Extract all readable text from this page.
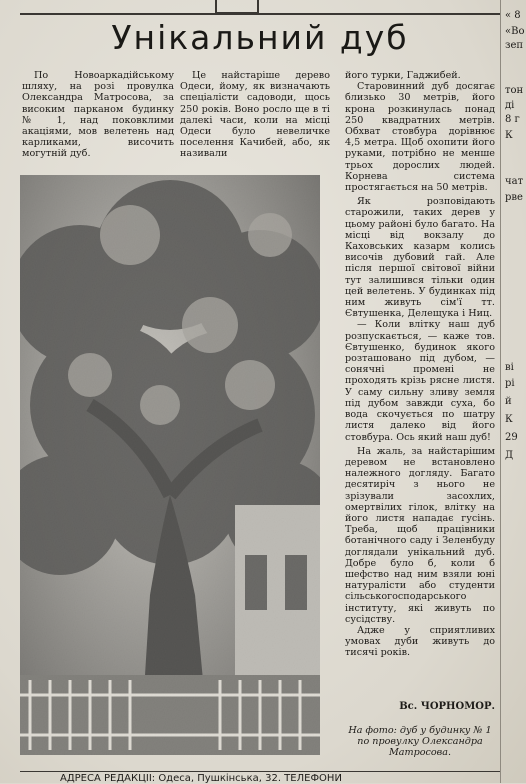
Унікальний дуб

По Новоаркадійському шляху, на розі провулка Олександра Матросова, за високим парканом будинку № 1, над поковклими акаціями, мов велетень над карликами, височить могутній дуб.

Це найстаріше дерево Одеси, йому, як визначають спеціалісти садоводи, щось 250 років. Воно росло ще в ті далекі часи, коли на місці Одеси було невеличке поселення Качибей, або, як називали

його турки, Гаджибей.

Старовинний дуб досягає близько 30 метрів, його крона розкинулась понад 250 квадратних метрів. Обхват стовбура дорівнює 4,5 метра. Щоб охопити його руками, потрібно не менше трьох дорослих людей. Корнева система простягається на 50 метрів.

Як розповідають старожили, таких дерев у цьому районі було багато. На місці від вокзалу до Каховських казарм колись височів дубовий гай. Але після першої світової війни тут залишився тільки один цей велетень. У будинках під ним живуть сім'ї тт. Євтушенка, Делещука і Ниц.

— Коли влітку наш дуб розпускається, — каже тов. Євтушенко, будинок якого розташовано під дубом, — сонячні промені не проходять крізь рясне листя. У саму сильну зливу земля під дубом завжди суха, бо вода скочується по шатру листя далеко від його стовбура. Ось який наш дуб!

На жаль, за найстарішим деревом не встановлено належного догляду. Багато десятиріч з нього не зрізували засохлих, омертвілих гілок, влітку на його листя нападає гусінь. Треба, щоб працівники ботанічного саду і Зеленбуду доглядали унікальний дуб. Добре було б, коли б шефство над ним взяли юні натуралісти або студенти сільськогосподарського інституту, які живуть по сусідству.

Адже у сприятливих умовах дуби живуть до тисячі років.

Вс. ЧОРНОМОР.
На фото: дуб у будинку № 1 по провулку Олександра Матросова.
« 8
«Во
зеп
тон
ді
8 г
К
чат
рве
ві
рі
й
К
29
Д
АДРЕСА РЕДАКЦІЇ: Одеса, Пушкінська, 32. ТЕЛЕФОНИ
